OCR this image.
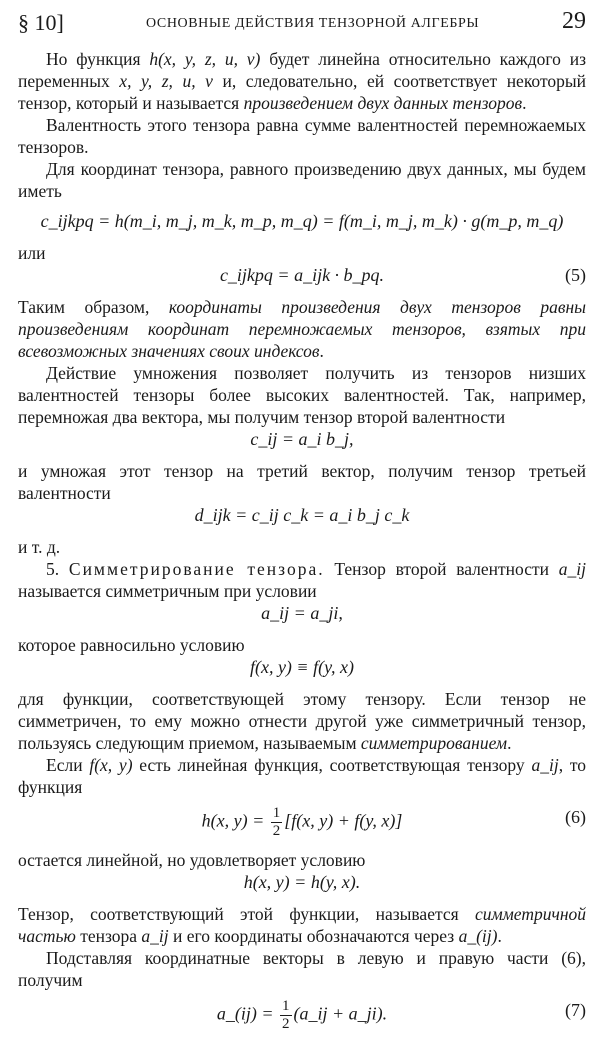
§ 10]	ОСНОВНЫЕ ДЕЙСТВИЯ ТЕНЗОРНОЙ АЛГЕБРЫ	29

Но функция h(x, y, z, u, v) будет линейна относительно каждого из переменных x, y, z, u, v и, следовательно, ей соответствует некоторый тензор, который и называется произведением двух данных тензоров.

Валентность этого тензора равна сумме валентностей перемножаемых тензоров.

Для координат тензора, равного произведению двух данных, мы будем иметь

c_ijkpq = h(m_i, m_j, m_k, m_p, m_q) = f(m_i, m_j, m_k) · g(m_p, m_q)

или

c_ijkpq = a_ijk · b_pq.	(5)

Таким образом, координаты произведения двух тензоров равны произведениям координат перемножаемых тензоров, взятых при всевозможных значениях своих индексов.

Действие умножения позволяет получить из тензоров низших валентностей тензоры более высоких валентностей. Так, например, перемножая два вектора, мы получим тензор второй валентности

c_ij = a_i b_j,

и умножая этот тензор на третий вектор, получим тензор третьей валентности

d_ijk = c_ij c_k = a_i b_j c_k

и т. д.

5. Симметрирование тензора. Тензор второй валентности a_ij называется симметричным при условии

a_ij = a_ji,

которое равносильно условию

f(x, y) ≡ f(y, x)

для функции, соответствующей этому тензору. Если тензор не симметричен, то ему можно отнести другой уже симметричный тензор, пользуясь следующим приемом, называемым симметрированием.

Если f(x, y) есть линейная функция, соответствующая тензору a_ij, то функция

h(x, $y) = \frac{1}{2} [f(x$, y) + f(y, x)]	(6)

остается линейной, но удовлетворяет условию

h(x, y) = h(y, x).

Тензор, соответствующий этой функции, называется симметричной частью тензора a_ij и его координаты обозначаются через a_(ij).

Подставляя координатные векторы в левую и правую части (6), получим

a_(ij) = $\frac{1}{2}$ (a_ij + a_ji).	(7)
